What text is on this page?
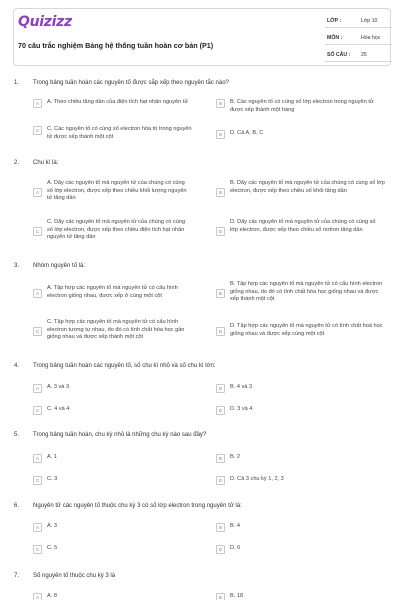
Quizizz
70 câu trắc nghiệm Bảng hệ thống tuần hoàn cơ bản (P1)
LỚP :	Lớp 10
MÔN :	Hóa học
SỐ CÂU : 25
1. Trong bảng tuần hoàn các nguyên tố được sắp xếp theo nguyên tắc nào?
A	A. Theo chiều tăng dần của điện tích hạt nhân nguyên tử	B	B. Các nguyên tố có cùng số lớp electron trong nguyên tử được xếp thành một hàng
C	C. Các nguyên tố có cùng số electron hóa trị trong nguyên tử được xếp thành một cột	D	D. Cả A, B, C
2. Chu kì là:
A
A. Dãy các nguyên tố mà nguyên tử của chúng có cùng số lớp electron, được xếp theo chiều khối lượng nguyên tử tăng dần
B
B. Dãy các nguyên tố mà nguyên tử của chúng có cùng số lớp electron, được xếp theo chiều số khối tăng dần
C
C. Dãy các nguyên tố mà nguyên tử của chúng có cùng số lớp electron, được xếp theo chiều điện tích hạt nhân nguyên tử tăng dần
D
D. Dãy các nguyên tố mà nguyên tử của chúng có cùng số lớp electron, được xếp theo chiều số nơtron tăng dần
3. Nhóm nguyên tố là:
A
A. Tập hợp các nguyên tố mà nguyên tử có cấu hình electron giống nhau, được xếp ở cùng một cột	B
B. Tập hợp các nguyên tố mà nguyên tử có cấu hình electron giống nhau, do đó có tính chất hóa học giống nhau và được xếp thành một cột
C
C. Tập hợp các nguyên tố mà nguyên tử có cấu hình electron tương tự nhau, do đó có tính chất hóa học gần giống nhau và được xếp thành một cột
D
D. Tập hợp các nguyên tố mà nguyên tử có tính chất hoá học giống nhau và được xếp cùng một cột
4. Trong bảng tuần hoàn các nguyên tố, số chu kì nhỏ và số chu kì lớn:
A	A. 3 và 3	B	B. 4 và 3
C	C. 4 và 4	D	D. 3 và 4
5. Trong bảng tuần hoàn, chu kỳ nhỏ là những chu kỳ nào sau đây?
A	A. 1	B	B. 2
C	C. 3	D	D. Cả 3 chu kỳ 1, 2, 3
6. Nguyên tử các nguyên tố thuộc chu kỳ 3 có số lớp electron trong nguyên tử là:
A	A. 3	B	B. 4
C	C. 5	D	D. 6
7. Số nguyên tố thuộc chu kỳ 3 là
A	A. 8	B	B. 18
